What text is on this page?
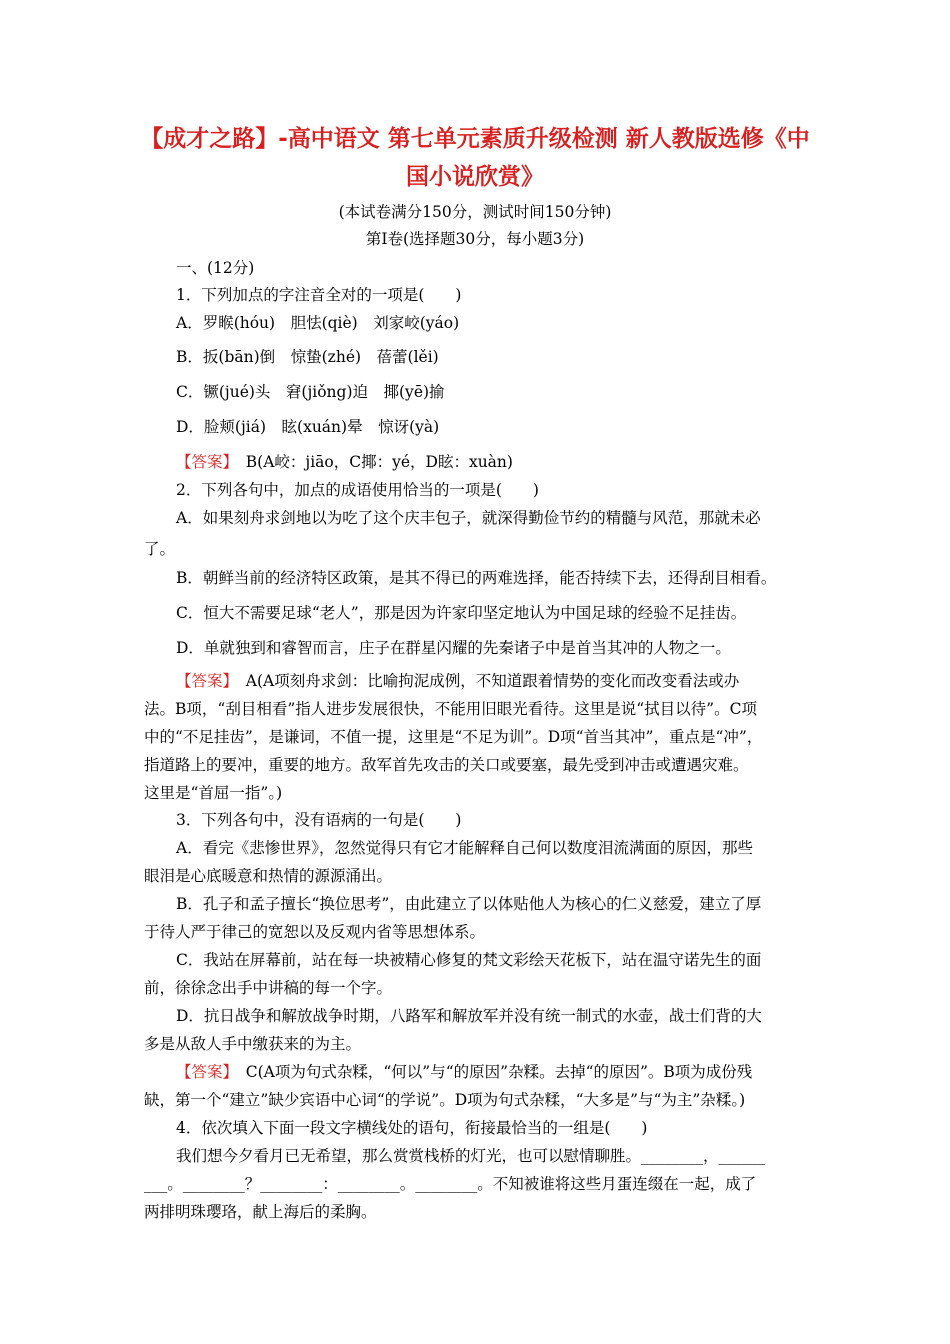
【成才之路】-高中语文 第七单元素质升级检测 新人教版选修《中
国小说欣赏》
(本试卷满分150分，测试时间150分钟)
第Ⅰ卷(选择题30分，每小题3分)
一、(12分)
1．下列加点的字注音全对的一项是(　　)
A．罗睺(hóu)　胆怯(qiè)　刘家峧(yáo)
B．扳(bān)倒　惊蛰(zhé)　蓓蕾(lěi)
C．镢(jué)头　窘(jiǒng)迫　揶(yē)揄
D．脸颊(jiá)　眩(xuán)晕　惊讶(yà)
【答案】　B(A峧：jiāo，C揶：yé，D眩：xuàn)
2．下列各句中，加点的成语使用恰当的一项是(　　)
A．如果刻舟求剑地以为吃了这个庆丰包子，就深得勤俭节约的精髓与风范，那就未必
了。
B．朝鲜当前的经济特区政策，是其不得已的两难选择，能否持续下去，还得刮目相看。
C．恒大不需要足球“老人”，那是因为许家印坚定地认为中国足球的经验不足挂齿。
D．单就独到和睿智而言，庄子在群星闪耀的先秦诸子中是首当其冲的人物之一。
【答案】　A(A项刻舟求剑：比喻拘泥成例，不知道跟着情势的变化而改变看法或办
法。B项，“刮目相看”指人进步发展很快，不能用旧眼光看待。这里是说“拭目以待”。C项
中的“不足挂齿”，是谦词，不值一提，这里是“不足为训”。D项“首当其冲”，重点是“冲”，
指道路上的要冲，重要的地方。敌军首先攻击的关口或要塞，最先受到冲击或遭遇灾难。
这里是“首屈一指”。)
3．下列各句中，没有语病的一句是(　　)
A．看完《悲惨世界》，忽然觉得只有它才能解释自己何以数度泪流满面的原因，那些
眼泪是心底暖意和热情的源源涌出。
B．孔子和孟子擅长“换位思考”，由此建立了以体贴他人为核心的仁义慈爱，建立了厚
于待人严于律己的宽恕以及反观内省等思想体系。
C．我站在屏幕前，站在每一块被精心修复的梵文彩绘天花板下，站在温守诺先生的面
前，徐徐念出手中讲稿的每一个字。
D．抗日战争和解放战争时期，八路军和解放军并没有统一制式的水壶，战士们背的大
多是从敌人手中缴获来的为主。
【答案】　C(A项为句式杂糅，“何以”与“的原因”杂糅。去掉“的原因”。B项为成份残
缺，第一个“建立”缺少宾语中心词“的学说”。D项为句式杂糅，“大多是”与“为主”杂糅。)
4．依次填入下面一段文字横线处的语句，衔接最恰当的一组是(　　)
我们想今夕看月已无希望，那么赏赏栈桥的灯光，也可以慰情聊胜。________，______
___。________？________：________。________。不知被谁将这些月蛋连缀在一起，成了
两排明珠璎珞，献上海后的柔胸。
